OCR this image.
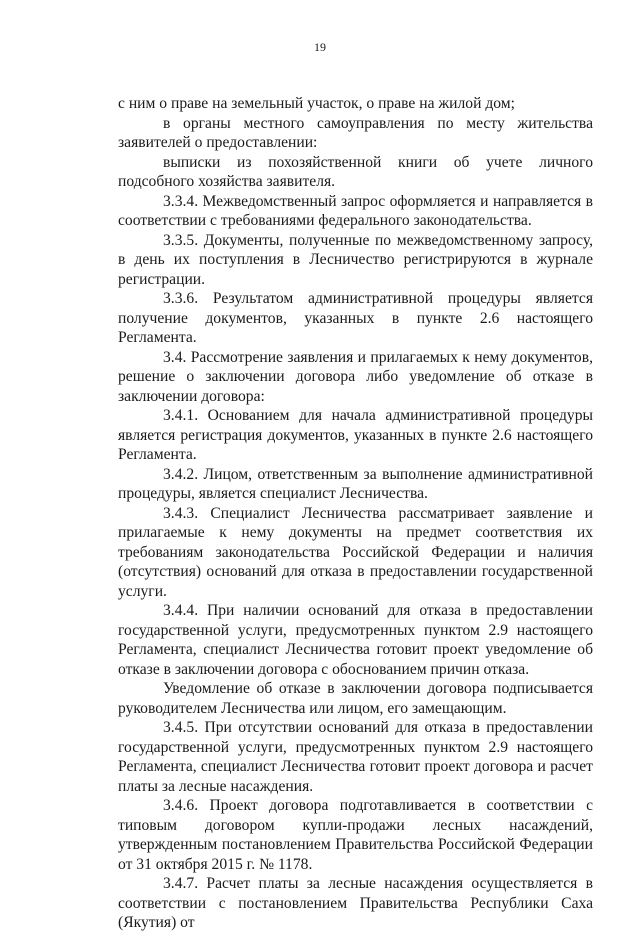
19

с ним о праве на земельный участок, о праве на жилой дом;

в органы местного самоуправления по месту жительства заявителей о предоставлении:

выписки из похозяйственной книги об учете личного подсобного хозяйства заявителя.

3.3.4. Межведомственный запрос оформляется и направляется в соответствии с требованиями федерального законодательства.

3.3.5. Документы, полученные по межведомственному запросу, в день их поступления в Лесничество регистрируются в журнале регистрации.

3.3.6. Результатом административной процедуры является получение документов, указанных в пункте 2.6 настоящего Регламента.

3.4. Рассмотрение заявления и прилагаемых к нему документов, решение о заключении договора либо уведомление об отказе в заключении договора:

3.4.1. Основанием для начала административной процедуры является регистрация документов, указанных в пункте 2.6 настоящего Регламента.

3.4.2. Лицом, ответственным за выполнение административной процедуры, является специалист Лесничества.

3.4.3. Специалист Лесничества рассматривает заявление и прилагаемые к нему документы на предмет соответствия их требованиям законодательства Российской Федерации и наличия (отсутствия) оснований для отказа в предоставлении государственной услуги.

3.4.4. При наличии оснований для отказа в предоставлении государственной услуги, предусмотренных пунктом 2.9 настоящего Регламента, специалист Лесничества готовит проект уведомление об отказе в заключении договора с обоснованием причин отказа.

Уведомление об отказе в заключении договора подписывается руководителем Лесничества или лицом, его замещающим.

3.4.5. При отсутствии оснований для отказа в предоставлении государственной услуги, предусмотренных пунктом 2.9 настоящего Регламента, специалист Лесничества готовит проект договора и расчет платы за лесные насаждения.

3.4.6. Проект договора подготавливается в соответствии с типовым договором купли-продажи лесных насаждений, утвержденным постановлением Правительства Российской Федерации от 31 октября 2015 г. № 1178.

3.4.7. Расчет платы за лесные насаждения осуществляется в соответствии с постановлением Правительства Республики Саха (Якутия) от
